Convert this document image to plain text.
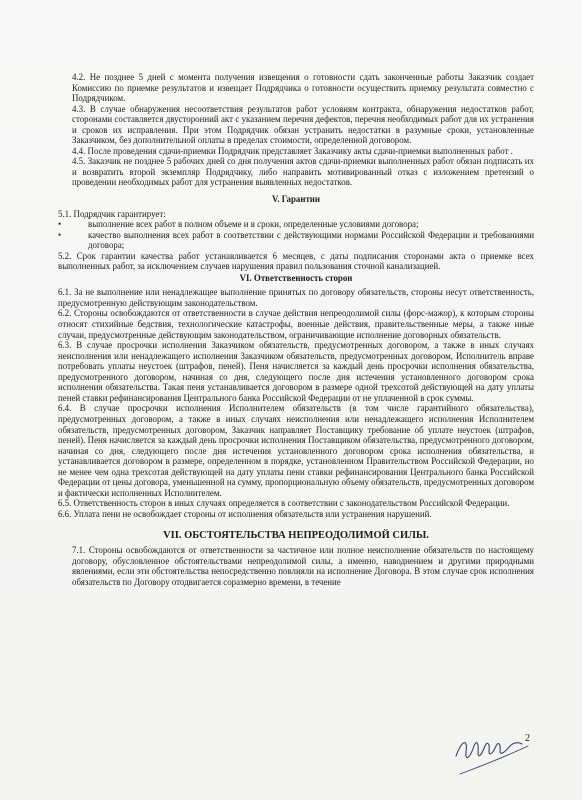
4.2. Не позднее 5 дней с момента получения извещения о готовности сдать законченные работы Заказчик создает Комиссию по приемке результатов и извещает Подрядчика о готовности осуществить приемку результата совместно с Подрядчиком.

4.3. В случае обнаружения несоответствия результатов работ условиям контракта, обнаружения недостатков работ, сторонами составляется двусторонний акт с указанием перечня дефектов, перечня необходимых работ для их устранения и сроков их исправления. При этом Подрядчик обязан устранить недостатки в разумные сроки, установленные Заказчиком, без дополнительной оплаты в пределах стоимости, определенной договором.

4.4. После проведения сдачи-приемки Подрядчик представляет Заказчику акты сдачи-приемки выполненных работ .

4.5. Заказчик не позднее 5 рабочих дней со дня получения актов сдачи-приемки выполненных работ обязан подписать их и возвратить второй экземпляр Подрядчику, либо направить мотивированный отказ с изложением претензий о проведении необходимых работ для устранения выявленных недостатков.

V. Гарантии

5.1. Подрядчик гарантирует:

•	выполнение всех работ в полном объеме и в сроки, определенные условиями договора;
•	качество выполнения всех работ в соответствии с действующими нормами Российской Федерации и требованиями договора;

5.2. Срок гарантии качества работ устанавливается 6 месяцев, с даты подписания сторонами акта о приемке всех выполненных работ, за исключением случаев нарушения правил пользования сточной канализацией.

VI. Ответственность сторон

6.1. За не выполнение или ненадлежащее выполнение принятых по договору обязательств, стороны несут ответственность, предусмотренную действующим законодательством.

6.2. Стороны освобождаются от ответственности в случае действия непреодолимой силы (форс-мажор), к которым стороны относят стихийные бедствия, технологические катастрофы, военные действия, правительственные меры, а также иные случаи, предусмотренные действующим законодательством, ограничивающие исполнение договорных обязательств.

6.3. В случае просрочки исполнения Заказчиком обязательств, предусмотренных договором, а также в иных случаях неисполнения или ненадлежащего исполнения Заказчиком обязательств, предусмотренных договором, Исполнитель вправе потребовать уплаты неустоек (штрафов, пеней). Пеня начисляется за каждый день просрочки исполнения обязательства, предусмотренного договором, начиная со дня, следующего после дня истечения установленного договором срока исполнения обязательства. Такая пеня устанавливается договором в размере одной трехсотой действующей на дату уплаты пеней ставки рефинансирования Центрального банка Российской Федерации от не уплаченной в срок суммы.

6.4. В случае просрочки исполнения Исполнителем обязательств (в том числе гарантийного обязательства), предусмотренных договором, а также в иных случаях неисполнения или ненадлежащего исполнения Исполнителем обязательств, предусмотренных договором, Заказчик направляет Поставщику требование об уплате неустоек (штрафов, пеней). Пеня начисляется за каждый день просрочки исполнения Поставщиком обязательства, предусмотренного договором, начиная со дня, следующего после дня истечения установленного договором срока исполнения обязательства, и устанавливается договором в размере, определенном в порядке, установленном Правительством Российской Федерации, но не менее чем одна трехсотая действующей на дату уплаты пени ставки рефинансирования Центрального банка Российской Федерации от цены договора, уменьшенной на сумму, пропорциональную объему обязательств, предусмотренных договором и фактически исполненных Исполнителем.

6.5. Ответственность сторон в иных случаях определяется в соответствии с законодательством Российской Федерации.

6.6. Уплата пени не освобождает стороны от исполнения обязательств или устранения нарушений.

VII. ОБСТОЯТЕЛЬСТВА НЕПРЕОДОЛИМОЙ СИЛЫ.

7.1. Стороны освобождаются от ответственности за частичное или полное неисполнение обязательств по настоящему договору, обусловленное обстоятельствами непреодолимой силы, а именно, наводнением и другими природными явлениями, если эти обстоятельства непосредственно повлияли на исполнение Договора. В этом случае срок исполнения обязательств по Договору отодвигается соразмерно времени, в течение

2
